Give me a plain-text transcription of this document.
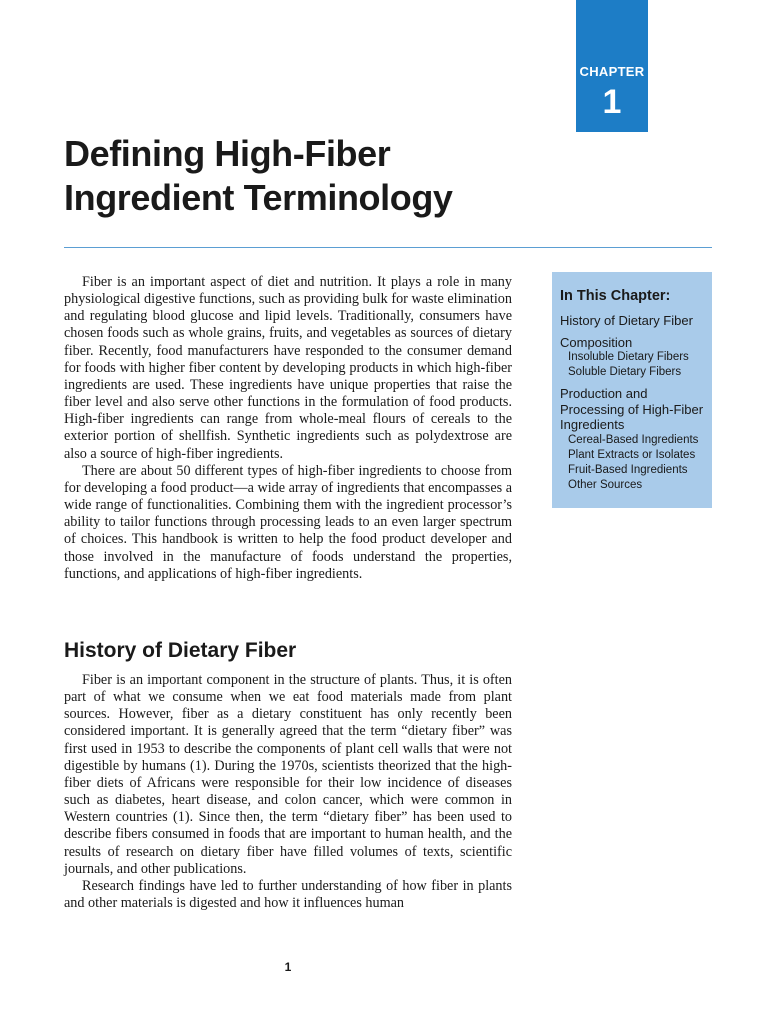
CHAPTER
1
Defining High-Fiber
Ingredient Terminology

Fiber is an important aspect of diet and nutrition. It plays a role in many physiological digestive functions, such as providing bulk for waste elimination and regulating blood glucose and lipid levels. Traditionally, consumers have chosen foods such as whole grains, fruits, and vegetables as sources of dietary fiber. Recently, food manufacturers have responded to the consumer demand for foods with higher fiber content by developing products in which high-fiber ingredients are used. These ingredients have unique properties that raise the fiber level and also serve other functions in the formulation of food products. High-fiber ingredients can range from whole-meal flours of cereals to the exterior portion of shellfish. Synthetic ingredients such as polydextrose are also a source of high-fiber ingredients.

There are about 50 different types of high-fiber ingredients to choose from for developing a food product—a wide array of ingredients that encompasses a wide range of functionalities. Combining them with the ingredient processor’s ability to tailor functions through processing leads to an even larger spectrum of choices. This handbook is written to help the food product developer and those involved in the manufacture of foods understand the properties, functions, and applications of high-fiber ingredients.

History of Dietary Fiber

Fiber is an important component in the structure of plants. Thus, it is often part of what we consume when we eat food materials made from plant sources. However, fiber as a dietary constituent has only recently been considered important. It is generally agreed that the term “dietary fiber” was first used in 1953 to describe the components of plant cell walls that were not digestible by humans (1). During the 1970s, scientists theorized that the high-fiber diets of Africans were responsible for their low incidence of diseases such as diabetes, heart disease, and colon cancer, which were common in Western countries (1). Since then, the term “dietary fiber” has been used to describe fibers consumed in foods that are important to human health, and the results of research on dietary fiber have filled volumes of texts, scientific journals, and other publications.

Research findings have led to further understanding of how fiber in plants and other materials is digested and how it influences human

In This Chapter:
History of Dietary Fiber
Composition
Insoluble Dietary Fibers
Soluble Dietary Fibers
Production and Processing of High-Fiber Ingredients
Cereal-Based Ingredients
Plant Extracts or Isolates
Fruit-Based Ingredients
Other Sources
1
